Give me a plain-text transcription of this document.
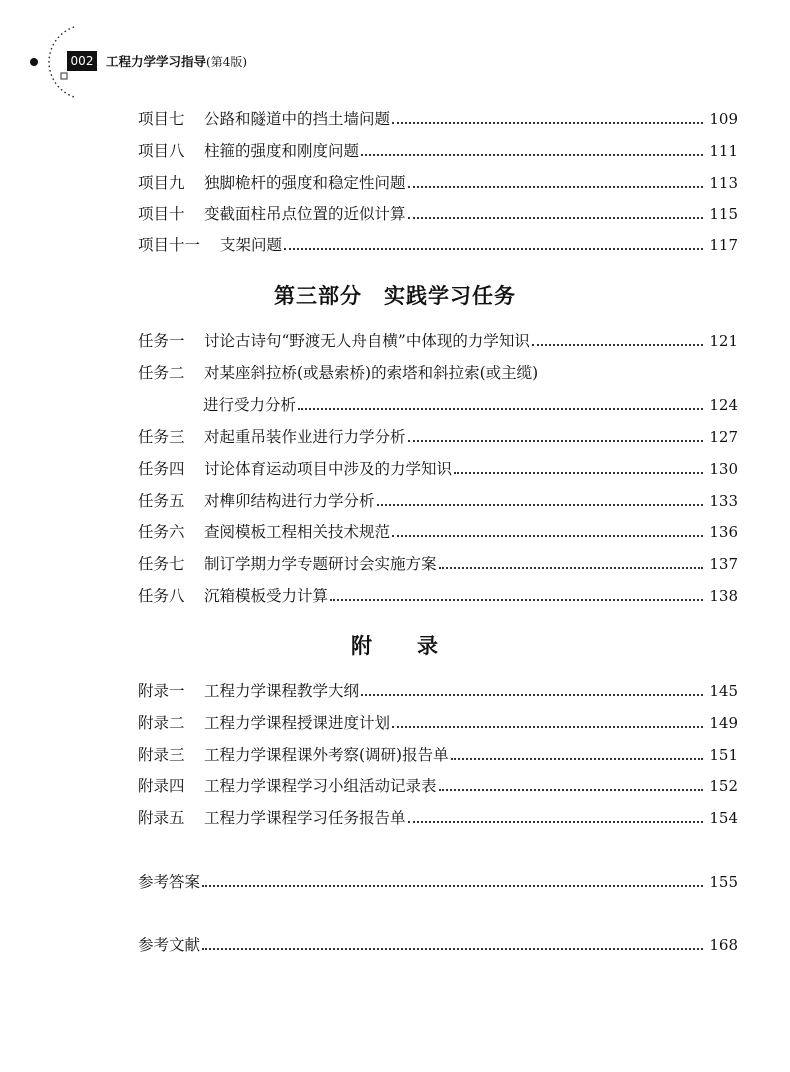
002 工程力学学习指导(第4版)
项目七	公路和隧道中的挡土墙问题	109
项目八	柱箍的强度和刚度问题	111
项目九	独脚桅杆的强度和稳定性问题	113
项目十	变截面柱吊点位置的近似计算	115
项目十一	支架问题	117
第三部分　实践学习任务
任务一	讨论古诗句“野渡无人舟自横”中体现的力学知识	121
任务二	对某座斜拉桥(或悬索桥)的索塔和斜拉索(或主缆)
进行受力分析	124
任务三	对起重吊装作业进行力学分析	127
任务四	讨论体育运动项目中涉及的力学知识	130
任务五	对榫卯结构进行力学分析	133
任务六	查阅模板工程相关技术规范	136
任务七	制订学期力学专题研讨会实施方案	137
任务八	沉箱模板受力计算	138
附　　录
附录一	工程力学课程教学大纲	145
附录二	工程力学课程授课进度计划	149
附录三	工程力学课程课外考察(调研)报告单	151
附录四	工程力学课程学习小组活动记录表	152
附录五	工程力学课程学习任务报告单	154
参考答案	155
参考文献	168
